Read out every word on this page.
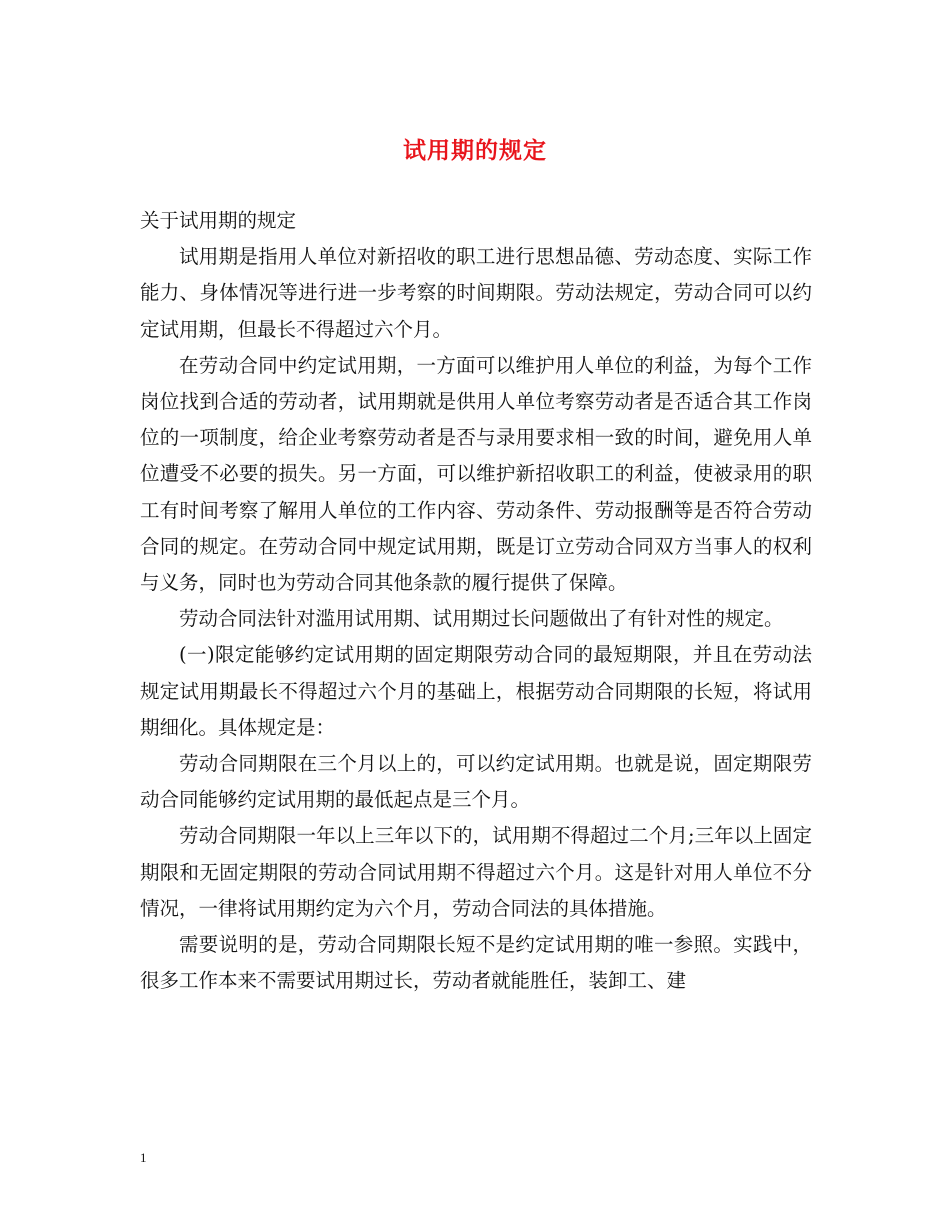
试用期的规定

关于试用期的规定

试用期是指用人单位对新招收的职工进行思想品德、劳动态度、实际工作能力、身体情况等进行进一步考察的时间期限。劳动法规定，劳动合同可以约定试用期，但最长不得超过六个月。

在劳动合同中约定试用期，一方面可以维护用人单位的利益，为每个工作岗位找到合适的劳动者，试用期就是供用人单位考察劳动者是否适合其工作岗位的一项制度，给企业考察劳动者是否与录用要求相一致的时间，避免用人单位遭受不必要的损失。另一方面，可以维护新招收职工的利益，使被录用的职工有时间考察了解用人单位的工作内容、劳动条件、劳动报酬等是否符合劳动合同的规定。在劳动合同中规定试用期，既是订立劳动合同双方当事人的权利与义务，同时也为劳动合同其他条款的履行提供了保障。

劳动合同法针对滥用试用期、试用期过长问题做出了有针对性的规定。

(一)限定能够约定试用期的固定期限劳动合同的最短期限，并且在劳动法规定试用期最长不得超过六个月的基础上，根据劳动合同期限的长短，将试用期细化。具体规定是：

劳动合同期限在三个月以上的，可以约定试用期。也就是说，固定期限劳动合同能够约定试用期的最低起点是三个月。

劳动合同期限一年以上三年以下的，试用期不得超过二个月;三年以上固定期限和无固定期限的劳动合同试用期不得超过六个月。这是针对用人单位不分情况，一律将试用期约定为六个月，劳动合同法的具体措施。

需要说明的是，劳动合同期限长短不是约定试用期的唯一参照。实践中，很多工作本来不需要试用期过长，劳动者就能胜任，装卸工、建

1
